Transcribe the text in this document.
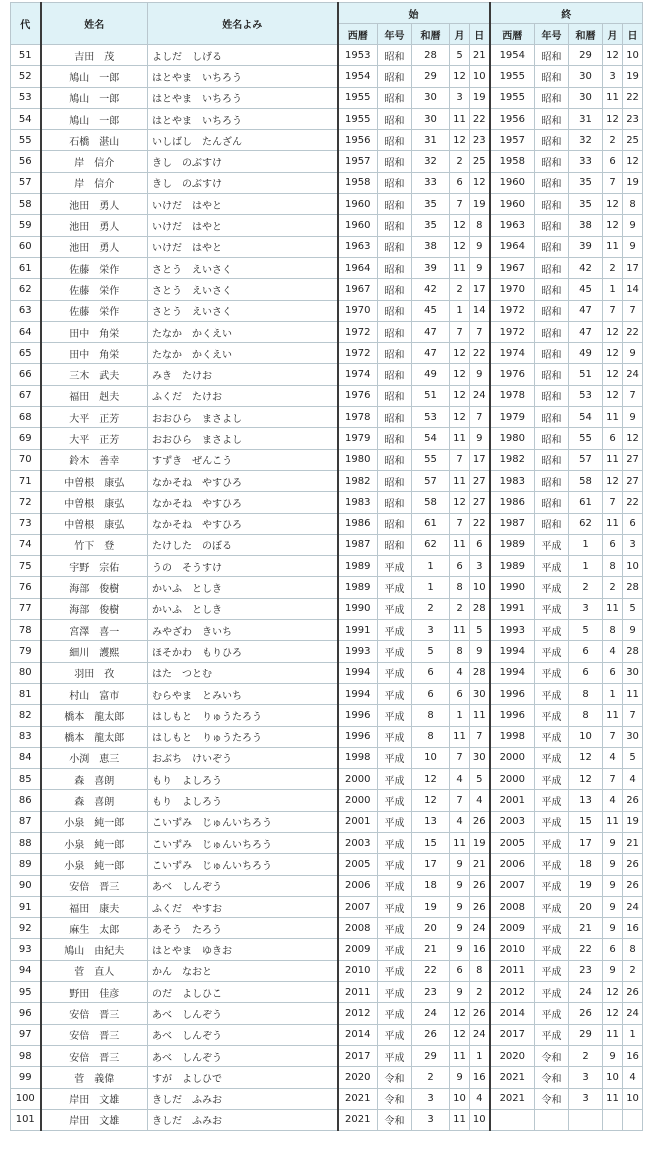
代	姓名	姓名よみ	始					終				
			西暦	年号	和暦	月	日	西暦	年号	和暦	月	日
51	吉田　茂	よしだ　しげる	1953	昭和	28	5	21	1954	昭和	29	12	10
52	鳩山　一郎	はとやま　いちろう	1954	昭和	29	12	10	1955	昭和	30	3	19
53	鳩山　一郎	はとやま　いちろう	1955	昭和	30	3	19	1955	昭和	30	11	22
54	鳩山　一郎	はとやま　いちろう	1955	昭和	30	11	22	1956	昭和	31	12	23
55	石橋　湛山	いしばし　たんざん	1956	昭和	31	12	23	1957	昭和	32	2	25
56	岸　信介	きし　のぶすけ	1957	昭和	32	2	25	1958	昭和	33	6	12
57	岸　信介	きし　のぶすけ	1958	昭和	33	6	12	1960	昭和	35	7	19
58	池田　勇人	いけだ　はやと	1960	昭和	35	7	19	1960	昭和	35	12	8
59	池田　勇人	いけだ　はやと	1960	昭和	35	12	8	1963	昭和	38	12	9
60	池田　勇人	いけだ　はやと	1963	昭和	38	12	9	1964	昭和	39	11	9
61	佐藤　栄作	さとう　えいさく	1964	昭和	39	11	9	1967	昭和	42	2	17
62	佐藤　栄作	さとう　えいさく	1967	昭和	42	2	17	1970	昭和	45	1	14
63	佐藤　栄作	さとう　えいさく	1970	昭和	45	1	14	1972	昭和	47	7	7
64	田中　角栄	たなか　かくえい	1972	昭和	47	7	7	1972	昭和	47	12	22
65	田中　角栄	たなか　かくえい	1972	昭和	47	12	22	1974	昭和	49	12	9
66	三木　武夫	みき　たけお	1974	昭和	49	12	9	1976	昭和	51	12	24
67	福田　赳夫	ふくだ　たけお	1976	昭和	51	12	24	1978	昭和	53	12	7
68	大平　正芳	おおひら　まさよし	1978	昭和	53	12	7	1979	昭和	54	11	9
69	大平　正芳	おおひら　まさよし	1979	昭和	54	11	9	1980	昭和	55	6	12
70	鈴木　善幸	すずき　ぜんこう	1980	昭和	55	7	17	1982	昭和	57	11	27
71	中曽根　康弘	なかそね　やすひろ	1982	昭和	57	11	27	1983	昭和	58	12	27
72	中曽根　康弘	なかそね　やすひろ	1983	昭和	58	12	27	1986	昭和	61	7	22
73	中曽根　康弘	なかそね　やすひろ	1986	昭和	61	7	22	1987	昭和	62	11	6
74	竹下　登	たけした　のぼる	1987	昭和	62	11	6	1989	平成	1	6	3
75	宇野　宗佑	うの　そうすけ	1989	平成	1	6	3	1989	平成	1	8	10
76	海部　俊樹	かいふ　としき	1989	平成	1	8	10	1990	平成	2	2	28
77	海部　俊樹	かいふ　としき	1990	平成	2	2	28	1991	平成	3	11	5
78	宮澤　喜一	みやざわ　きいち	1991	平成	3	11	5	1993	平成	5	8	9
79	細川　護熙	ほそかわ　もりひろ	1993	平成	5	8	9	1994	平成	6	4	28
80	羽田　孜	はた　つとむ	1994	平成	6	4	28	1994	平成	6	6	30
81	村山　富市	むらやま　とみいち	1994	平成	6	6	30	1996	平成	8	1	11
82	橋本　龍太郎	はしもと　りゅうたろう	1996	平成	8	1	11	1996	平成	8	11	7
83	橋本　龍太郎	はしもと　りゅうたろう	1996	平成	8	11	7	1998	平成	10	7	30
84	小渕　恵三	おぶち　けいぞう	1998	平成	10	7	30	2000	平成	12	4	5
85	森　喜朗	もり　よしろう	2000	平成	12	4	5	2000	平成	12	7	4
86	森　喜朗	もり　よしろう	2000	平成	12	7	4	2001	平成	13	4	26
87	小泉　純一郎	こいずみ　じゅんいちろう	2001	平成	13	4	26	2003	平成	15	11	19
88	小泉　純一郎	こいずみ　じゅんいちろう	2003	平成	15	11	19	2005	平成	17	9	21
89	小泉　純一郎	こいずみ　じゅんいちろう	2005	平成	17	9	21	2006	平成	18	9	26
90	安倍　晋三	あべ　しんぞう	2006	平成	18	9	26	2007	平成	19	9	26
91	福田　康夫	ふくだ　やすお	2007	平成	19	9	26	2008	平成	20	9	24
92	麻生　太郎	あそう　たろう	2008	平成	20	9	24	2009	平成	21	9	16
93	鳩山　由紀夫	はとやま　ゆきお	2009	平成	21	9	16	2010	平成	22	6	8
94	菅　直人	かん　なおと	2010	平成	22	6	8	2011	平成	23	9	2
95	野田　佳彦	のだ　よしひこ	2011	平成	23	9	2	2012	平成	24	12	26
96	安倍　晋三	あべ　しんぞう	2012	平成	24	12	26	2014	平成	26	12	24
97	安倍　晋三	あべ　しんぞう	2014	平成	26	12	24	2017	平成	29	11	1
98	安倍　晋三	あべ　しんぞう	2017	平成	29	11	1	2020	令和	2	9	16
99	菅　義偉	すが　よしひで	2020	令和	2	9	16	2021	令和	3	10	4
100	岸田　文雄	きしだ　ふみお	2021	令和	3	10	4	2021	令和	3	11	10
101	岸田　文雄	きしだ　ふみお	2021	令和	3	11	10					
